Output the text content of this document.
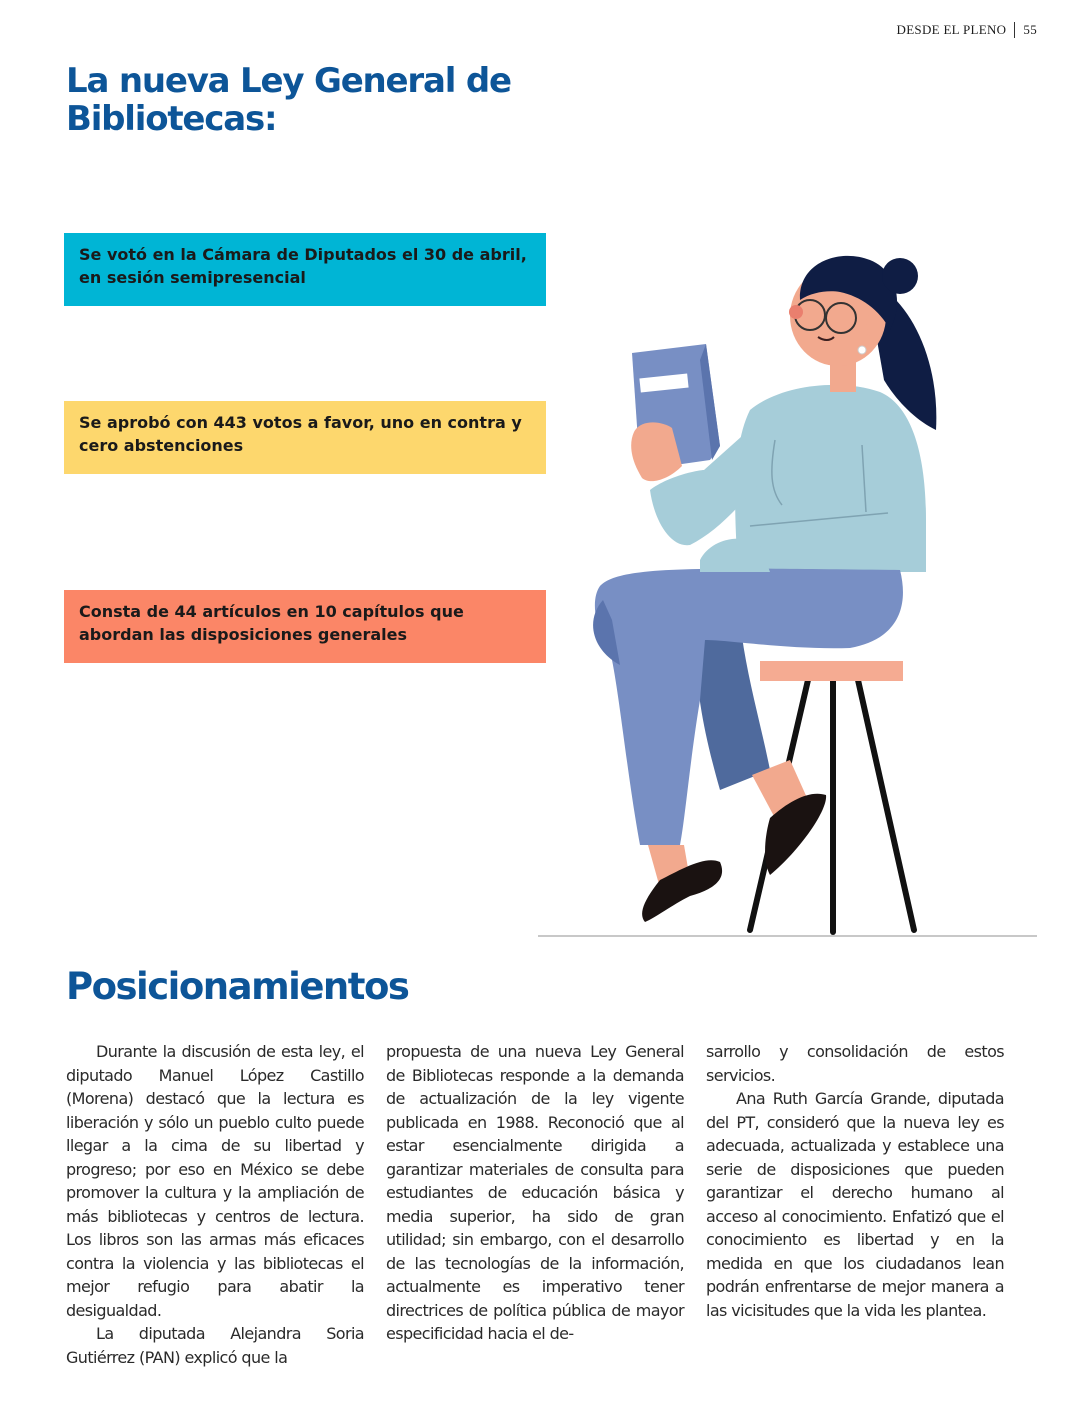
DESDE EL PLENO 55
La nueva Ley General de Bibliotecas:
Se votó en la Cámara de Diputados el 30 de abril, en sesión semipresencial
Se aprobó con 443 votos a favor, uno en contra y cero abstenciones
Consta de 44 artículos en 10 capítulos que abordan las disposiciones generales
Posicionamientos

Durante la discusión de esta ley, el diputado Manuel López Castillo (Morena) destacó que la lectura es liberación y sólo un pueblo culto puede llegar a la cima de su libertad y progreso; por eso en México se debe promover la cultura y la ampliación de más bibliotecas y centros de lectura. Los libros son las armas más eficaces contra la violencia y las bibliotecas el mejor refugio para abatir la desigualdad.

La diputada Alejandra Soria Gutiérrez (PAN) explicó que la

propuesta de una nueva Ley General de Bibliotecas responde a la demanda de actualización de la ley vigente publicada en 1988. Reconoció que al estar esencialmente dirigida a garantizar materiales de consulta para estudiantes de educación básica y media superior, ha sido de gran utilidad; sin embargo, con el desarrollo de las tecnologías de la información, actualmente es imperativo tener directrices de política pública de mayor especificidad hacia el de-

sarrollo y consolidación de estos servicios.

Ana Ruth García Grande, diputada del PT, consideró que la nueva ley es adecuada, actualizada y establece una serie de disposiciones que pueden garantizar el derecho humano al acceso al conocimiento. Enfatizó que el conocimiento es libertad y en la medida en que los ciudadanos lean podrán enfrentarse de mejor manera a las vicisitudes que la vida les plantea.
